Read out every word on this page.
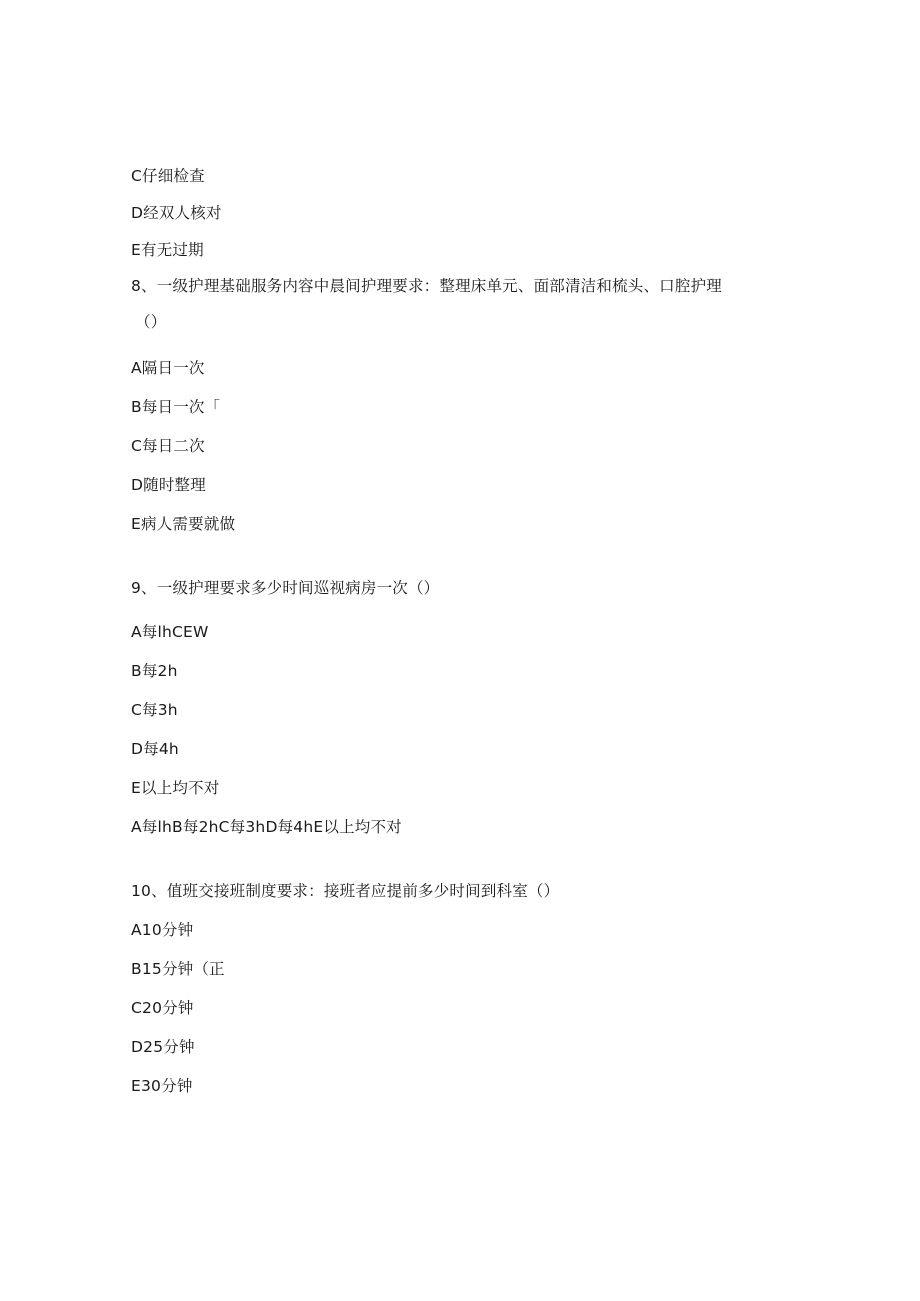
C仔细检查
D经双人核对
E有无过期
8、一级护理基础服务内容中晨间护理要求：整理床单元、面部清洁和梳头、口腔护理
（）
A隔日一次
B每日一次「
C每日二次
D随时整理
E病人需要就做
9、一级护理要求多少时间巡视病房一次（）
A每lhCEW
B每2h
C每3h
D每4h
E以上均不对
A每lhB每2hC每3hD每4hE以上均不对
10、值班交接班制度要求：接班者应提前多少时间到科室（）
A10分钟
B15分钟（正
C20分钟
D25分钟
E30分钟
